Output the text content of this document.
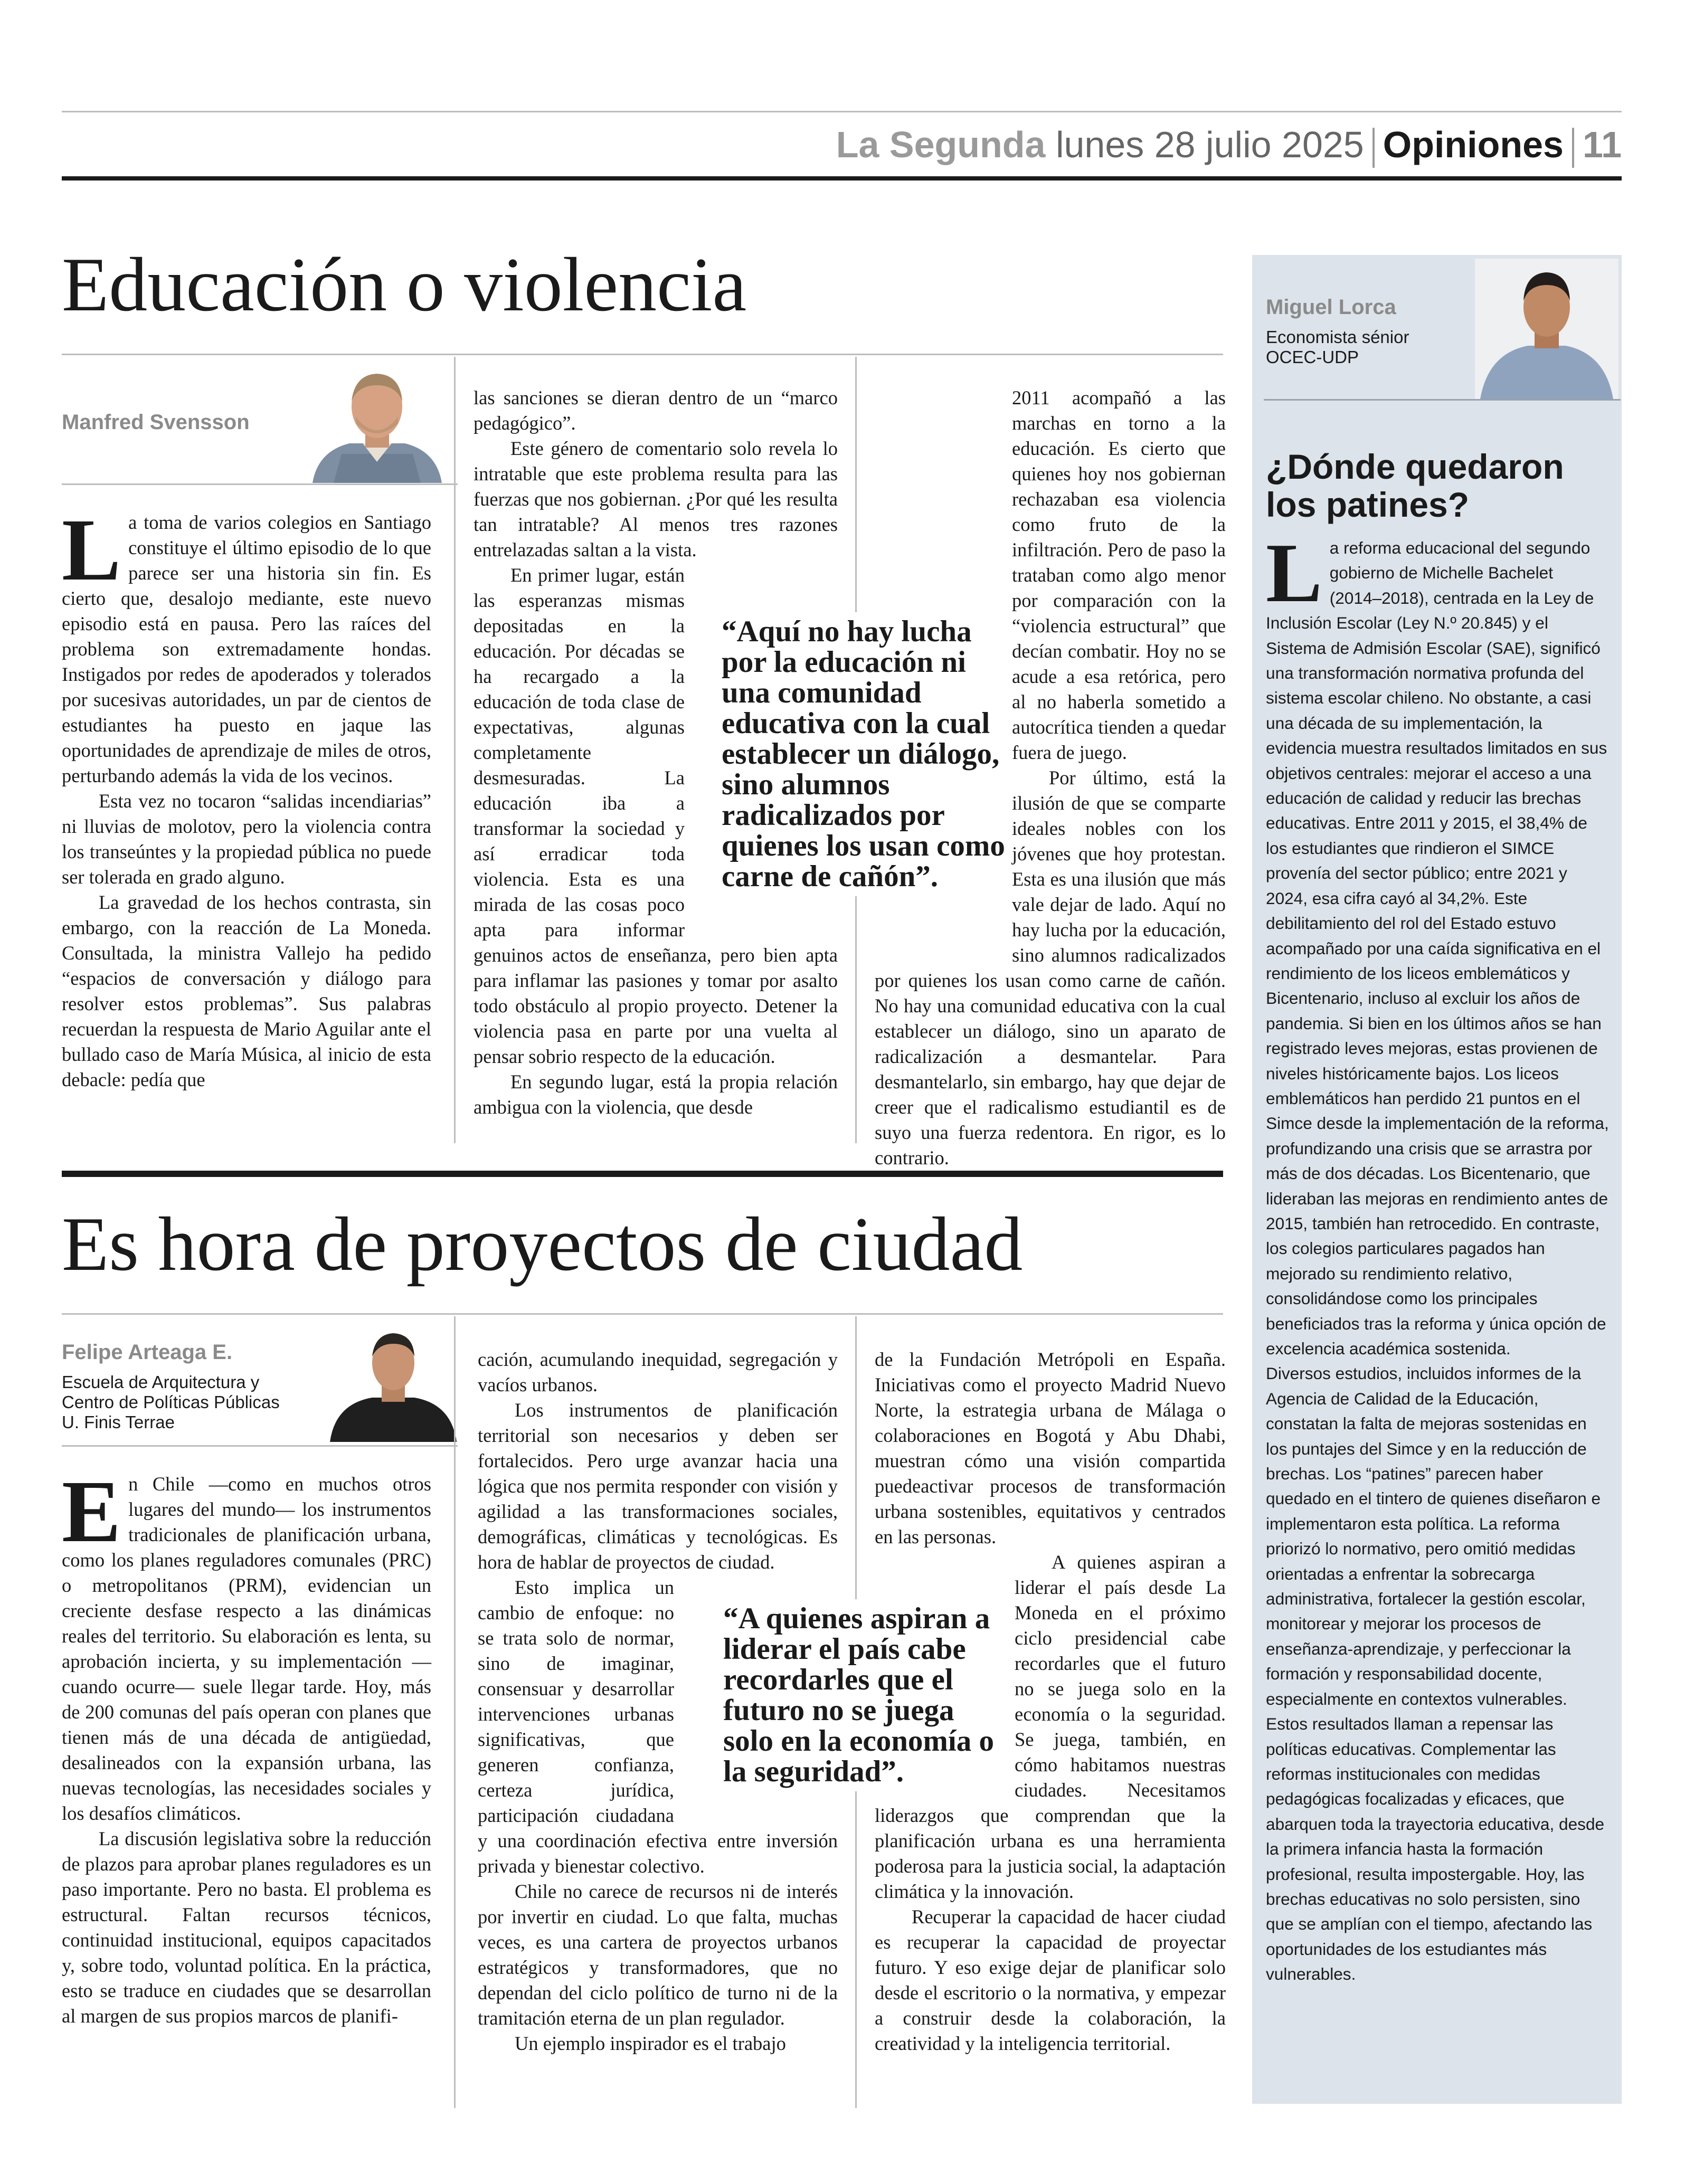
La Segunda lunes 28 julio 2025 Opiniones 11
Educación o violencia
Manfred Svensson

La toma de varios colegios en Santiago constituye el último episodio de lo que parece ser una historia sin fin. Es cierto que, desalojo mediante, este nuevo episodio está en pausa. Pero las raíces del problema son extremadamente hondas. Instigados por redes de apoderados y tolerados por sucesivas autoridades, un par de cientos de estudiantes ha puesto en jaque las oportunidades de aprendizaje de miles de otros, perturbando además la vida de los vecinos.

Esta vez no tocaron “salidas incendiarias” ni lluvias de molotov, pero la violencia contra los transeúntes y la propiedad pública no puede ser tolerada en grado alguno.

La gravedad de los hechos contrasta, sin embargo, con la reacción de La Moneda. Consultada, la ministra Vallejo ha pedido “espacios de conversación y diálogo para resolver estos problemas”. Sus palabras recuerdan la respuesta de Mario Aguilar ante el bullado caso de María Música, al inicio de esta debacle: pedía que

las sanciones se dieran dentro de un “marco pedagógico”.

Este género de comentario solo revela lo intratable que este problema resulta para las fuerzas que nos gobiernan. ¿Por qué les resulta tan intratable? Al menos tres razones entrelazadas saltan a la vista.

En primer lugar, están las esperanzas mismas depositadas en la educación. Por décadas se ha recargado a la educación de toda clase de expectativas, algunas completamente desmesuradas. La educación iba a transformar la sociedad y así erradicar toda violencia. Esta es una mirada de las cosas poco apta para informar genuinos actos de enseñanza, pero bien apta para inflamar las pasiones y tomar por asalto todo obstáculo al propio proyecto. Detener la violencia pasa en parte por una vuelta al pensar sobrio respecto de la educación.

En segundo lugar, está la propia relación ambigua con la violencia, que desde

2011 acompañó a las marchas en torno a la educación. Es cierto que quienes hoy nos gobiernan rechazaban esa violencia como fruto de la infiltración. Pero de paso la trataban como algo menor por comparación con la “violencia estructural” que decían combatir. Hoy no se acude a esa retórica, pero al no haberla sometido a autocrítica tienden a quedar fuera de juego.

Por último, está la ilusión de que se comparte ideales nobles con los jóvenes que hoy protestan. Esta es una ilusión que más vale dejar de lado. Aquí no hay lucha por la educación, sino alumnos radicalizados por quienes los usan como carne de cañón. No hay una comunidad educativa con la cual establecer un diálogo, sino un aparato de radicalización a desmantelar. Para desmantelarlo, sin embargo, hay que dejar de creer que el radicalismo estudiantil es de suyo una fuerza redentora. En rigor, es lo contrario.

“Aquí no hay lucha por la educación ni una comunidad educativa con la cual establecer un diálogo, sino alumnos radicalizados por quienes los usan como carne de cañón”.
Es hora de proyectos de ciudad
Felipe Arteaga E.
Escuela de Arquitectura y Centro de Políticas Públicas U. Finis Terrae

En Chile —como en muchos otros lugares del mundo— los instrumentos tradicionales de planificación urbana, como los planes reguladores comunales (PRC) o metropolitanos (PRM), evidencian un creciente desfase respecto a las dinámicas reales del territorio. Su elaboración es lenta, su aprobación incierta, y su implementación —cuando ocurre— suele llegar tarde. Hoy, más de 200 comunas del país operan con planes que tienen más de una década de antigüedad, desalineados con la expansión urbana, las nuevas tecnologías, las necesidades sociales y los desafíos climáticos.

La discusión legislativa sobre la reducción de plazos para aprobar planes reguladores es un paso importante. Pero no basta. El problema es estructural. Faltan recursos técnicos, continuidad institucional, equipos capacitados y, sobre todo, voluntad política. En la práctica, esto se traduce en ciudades que se desarrollan al margen de sus propios marcos de planifi-

cación, acumulando inequidad, segregación y vacíos urbanos.

Los instrumentos de planificación territorial son necesarios y deben ser fortalecidos. Pero urge avanzar hacia una lógica que nos permita responder con visión y agilidad a las transformaciones sociales, demográficas, climáticas y tecnológicas. Es hora de hablar de proyectos de ciudad.

Esto implica un cambio de enfoque: no se trata solo de normar, sino de imaginar, consensuar y desarrollar intervenciones urbanas significativas, que generen confianza, certeza jurídica, participación ciudadana y una coordinación efectiva entre inversión privada y bienestar colectivo.

Chile no carece de recursos ni de interés por invertir en ciudad. Lo que falta, muchas veces, es una cartera de proyectos urbanos estratégicos y transformadores, que no dependan del ciclo político de turno ni de la tramitación eterna de un plan regulador.

Un ejemplo inspirador es el trabajo

de la Fundación Metrópoli en España. Iniciativas como el proyecto Madrid Nuevo Norte, la estrategia urbana de Málaga o colaboraciones en Bogotá y Abu Dhabi, muestran cómo una visión compartida puedeactivar procesos de transformación urbana sostenibles, equitativos y centrados en las personas.

A quienes aspiran a liderar el país desde La Moneda en el próximo ciclo presidencial cabe recordarles que el futuro no se juega solo en la economía o la seguridad. Se juega, también, en cómo habitamos nuestras ciudades. Necesitamos liderazgos que comprendan que la planificación urbana es una herramienta poderosa para la justicia social, la adaptación climática y la innovación.

Recuperar la capacidad de hacer ciudad es recuperar la capacidad de proyectar futuro. Y eso exige dejar de planificar solo desde el escritorio o la normativa, y empezar a construir desde la colaboración, la creatividad y la inteligencia territorial.

“A quienes aspiran a liderar el país cabe recordarles que el futuro no se juega solo en la economía o la seguridad”.
Miguel Lorca
Economista sénior OCEC-UDP
¿Dónde quedaron los patines?

La reforma educacional del segundo gobierno de Michelle Bachelet (2014–2018), centrada en la Ley de Inclusión Escolar (Ley N.º 20.845) y el Sistema de Admisión Escolar (SAE), significó una transformación normativa profunda del sistema escolar chileno. No obstante, a casi una década de su implementación, la evidencia muestra resultados limitados en sus objetivos centrales: mejorar el acceso a una educación de calidad y reducir las brechas educativas. Entre 2011 y 2015, el 38,4% de los estudiantes que rindieron el SIMCE provenía del sector público; entre 2021 y 2024, esa cifra cayó al 34,2%. Este debilitamiento del rol del Estado estuvo acompañado por una caída significativa en el rendimiento de los liceos emblemáticos y Bicentenario, incluso al excluir los años de pandemia. Si bien en los últimos años se han registrado leves mejoras, estas provienen de niveles históricamente bajos. Los liceos emblemáticos han perdido 21 puntos en el Simce desde la implementación de la reforma, profundizando una crisis que se arrastra por más de dos décadas. Los Bicentenario, que lideraban las mejoras en rendimiento antes de 2015, también han retrocedido. En contraste, los colegios particulares pagados han mejorado su rendimiento relativo, consolidándose como los principales beneficiados tras la reforma y única opción de excelencia académica sostenida.

Diversos estudios, incluidos informes de la Agencia de Calidad de la Educación, constatan la falta de mejoras sostenidas en los puntajes del Simce y en la reducción de brechas. Los “patines” parecen haber quedado en el tintero de quienes diseñaron e implementaron esta política. La reforma priorizó lo normativo, pero omitió medidas orientadas a enfrentar la sobrecarga administrativa, fortalecer la gestión escolar, monitorear y mejorar los procesos de enseñanza-aprendizaje, y perfeccionar la formación y responsabilidad docente, especialmente en contextos vulnerables.

Estos resultados llaman a repensar las políticas educativas. Complementar las reformas institucionales con medidas pedagógicas focalizadas y eficaces, que abarquen toda la trayectoria educativa, desde la primera infancia hasta la formación profesional, resulta impostergable. Hoy, las brechas educativas no solo persisten, sino que se amplían con el tiempo, afectando las oportunidades de los estudiantes más vulnerables.
